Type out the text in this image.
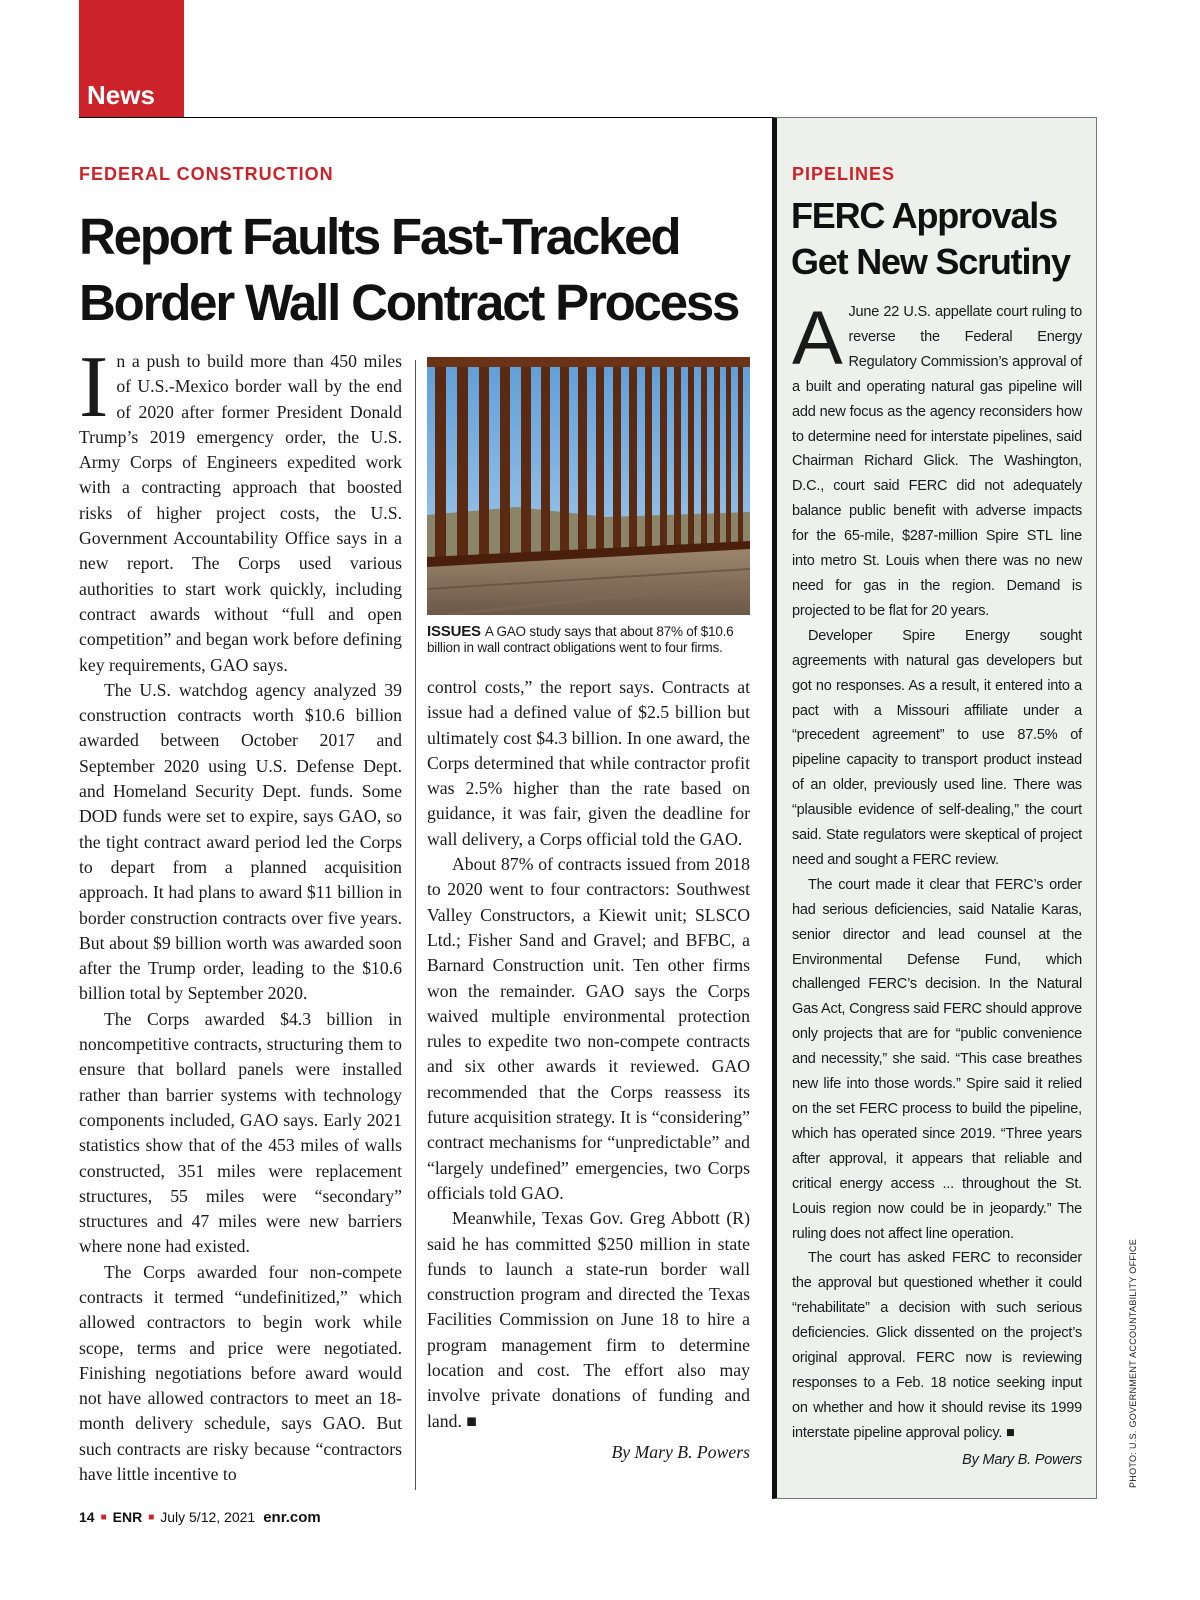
News
FEDERAL CONSTRUCTION
Report Faults Fast-Tracked
Border Wall Contract Process

In a push to build more than 450 miles of U.S.-Mexico border wall by the end of 2020 after former President Donald Trump’s 2019 emergency order, the U.S. Army Corps of Engineers expedited work with a contracting approach that boosted risks of higher project costs, the U.S. Government Accountability Office says in a new report. The Corps used various authorities to start work quickly, including contract awards without “full and open competition” and began work before defining key requirements, GAO says.

The U.S. watchdog agency analyzed 39 construction contracts worth $10.6 billion awarded between October 2017 and September 2020 using U.S. Defense Dept. and Homeland Security Dept. funds. Some DOD funds were set to expire, says GAO, so the tight contract award period led the Corps to depart from a planned acquisition approach. It had plans to award $11 billion in border construction contracts over five years. But about $9 billion worth was awarded soon after the Trump order, leading to the $10.6 billion total by September 2020.

The Corps awarded $4.3 billion in noncompetitive contracts, structuring them to ensure that bollard panels were installed rather than barrier systems with technology components included, GAO says. Early 2021 statistics show that of the 453 miles of walls constructed, 351 miles were replacement structures, 55 miles were “secondary” structures and 47 miles were new barriers where none had existed.

The Corps awarded four non-compete contracts it termed “undefinitized,” which allowed contractors to begin work while scope, terms and price were negotiated. Finishing negotiations before award would not have allowed contractors to meet an 18-month delivery schedule, says GAO. But such contracts are risky because “contractors have little incentive to

ISSUES A GAO study says that about 87% of $10.6 billion in wall contract obligations went to four firms.

control costs,” the report says. Contracts at issue had a defined value of $2.5 billion but ultimately cost $4.3 billion. In one award, the Corps determined that while contractor profit was 2.5% higher than the rate based on guidance, it was fair, given the deadline for wall delivery, a Corps official told the GAO.

About 87% of contracts issued from 2018 to 2020 went to four contractors: Southwest Valley Constructors, a Kiewit unit; SLSCO Ltd.; Fisher Sand and Gravel; and BFBC, a Barnard Construction unit. Ten other firms won the remainder. GAO says the Corps waived multiple environmental protection rules to expedite two non-compete contracts and six other awards it reviewed. GAO recommended that the Corps reassess its future acquisition strategy. It is “considering” contract mechanisms for “unpredictable” and “largely undefined” emergencies, two Corps officials told GAO.

Meanwhile, Texas Gov. Greg Abbott (R) said he has committed $250 million in state funds to launch a state-run border wall construction program and directed the Texas Facilities Commission on June 18 to hire a program management firm to determine location and cost. The effort also may involve private donations of funding and land. ■

By Mary B. Powers
PIPELINES
FERC Approvals
Get New Scrutiny

A June 22 U.S. appellate court ruling to reverse the Federal Energy Regulatory Commission’s approval of a built and operating natural gas pipeline will add new focus as the agency reconsiders how to determine need for interstate pipelines, said Chairman Richard Glick. The Washington, D.C., court said FERC did not adequately balance public benefit with adverse impacts for the 65-mile, $287-million Spire STL line into metro St. Louis when there was no new need for gas in the region. Demand is projected to be flat for 20 years.

Developer Spire Energy sought agreements with natural gas developers but got no responses. As a result, it entered into a pact with a Missouri affiliate under a “precedent agreement” to use 87.5% of pipeline capacity to transport product instead of an older, previously used line. There was “plausible evidence of self-dealing,” the court said. State regulators were skeptical of project need and sought a FERC review.

The court made it clear that FERC’s order had serious deficiencies, said Natalie Karas, senior director and lead counsel at the Environmental Defense Fund, which challenged FERC’s decision. In the Natural Gas Act, Congress said FERC should approve only projects that are for “public convenience and necessity,” she said. “This case breathes new life into those words.” Spire said it relied on the set FERC process to build the pipeline, which has operated since 2019. “Three years after approval, it appears that reliable and critical energy access ... throughout the St. Louis region now could be in jeopardy.” The ruling does not affect line operation.

The court has asked FERC to reconsider the approval but questioned whether it could “rehabilitate” a decision with such serious deficiencies. Glick dissented on the project’s original approval. FERC now is reviewing responses to a Feb. 18 notice seeking input on whether and how it should revise its 1999 interstate pipeline approval policy. ■

By Mary B. Powers	PHOTO: U.S. GOVERNMENT ACCOUNTABILITY OFFICE
14 ■ ENR ■ July 5/12, 2021 enr.com
